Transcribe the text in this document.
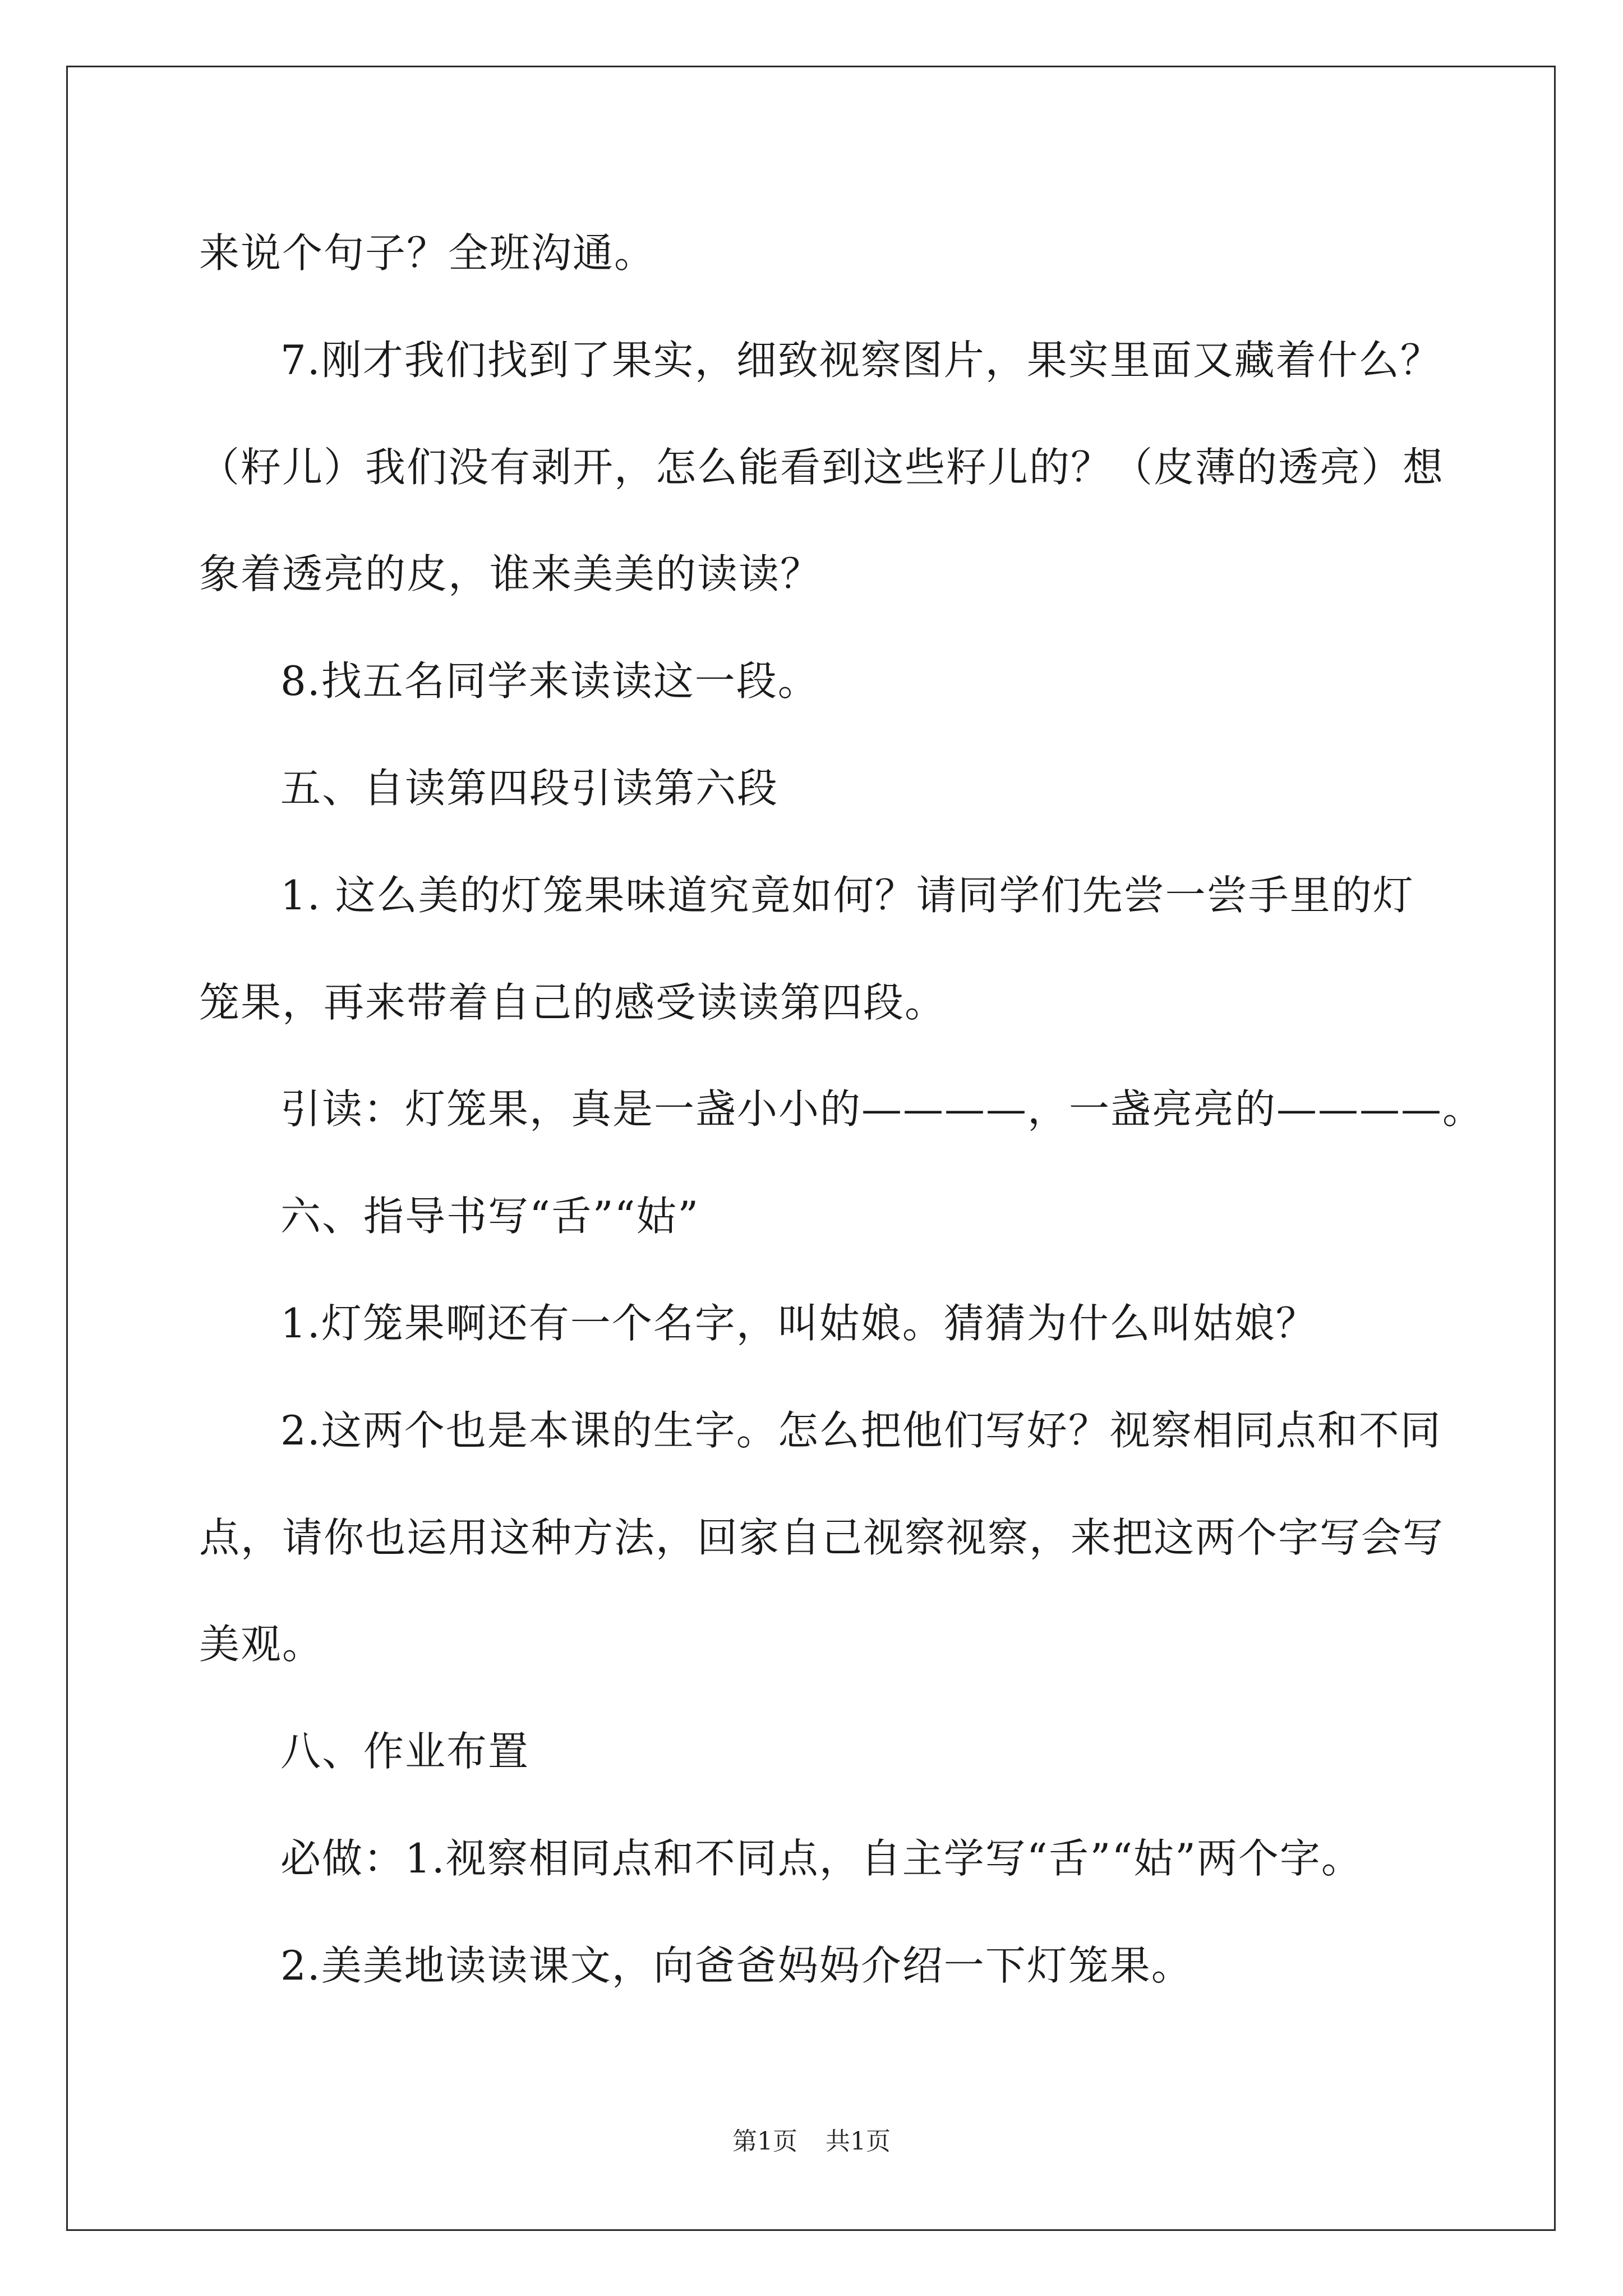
来说个句子？全班沟通。
7.刚才我们找到了果实，细致视察图片，果实里面又藏着什么？
（籽儿）我们没有剥开，怎么能看到这些籽儿的？（皮薄的透亮）想
象着透亮的皮，谁来美美的读读？
8.找五名同学来读读这一段。
五、自读第四段引读第六段
1. 这么美的灯笼果味道究竟如何？请同学们先尝一尝手里的灯
笼果，再来带着自己的感受读读第四段。
引读：灯笼果，真是一盏小小的————，一盏亮亮的————。
六、指导书写“舌”“姑”
1.灯笼果啊还有一个名字，叫姑娘。猜猜为什么叫姑娘？
2.这两个也是本课的生字。怎么把他们写好？视察相同点和不同
点，请你也运用这种方法，回家自己视察视察，来把这两个字写会写
美观。
八、作业布置
必做：1.视察相同点和不同点，自主学写“舌”“姑”两个字。
2.美美地读读课文，向爸爸妈妈介绍一下灯笼果。
第1页 共1页
